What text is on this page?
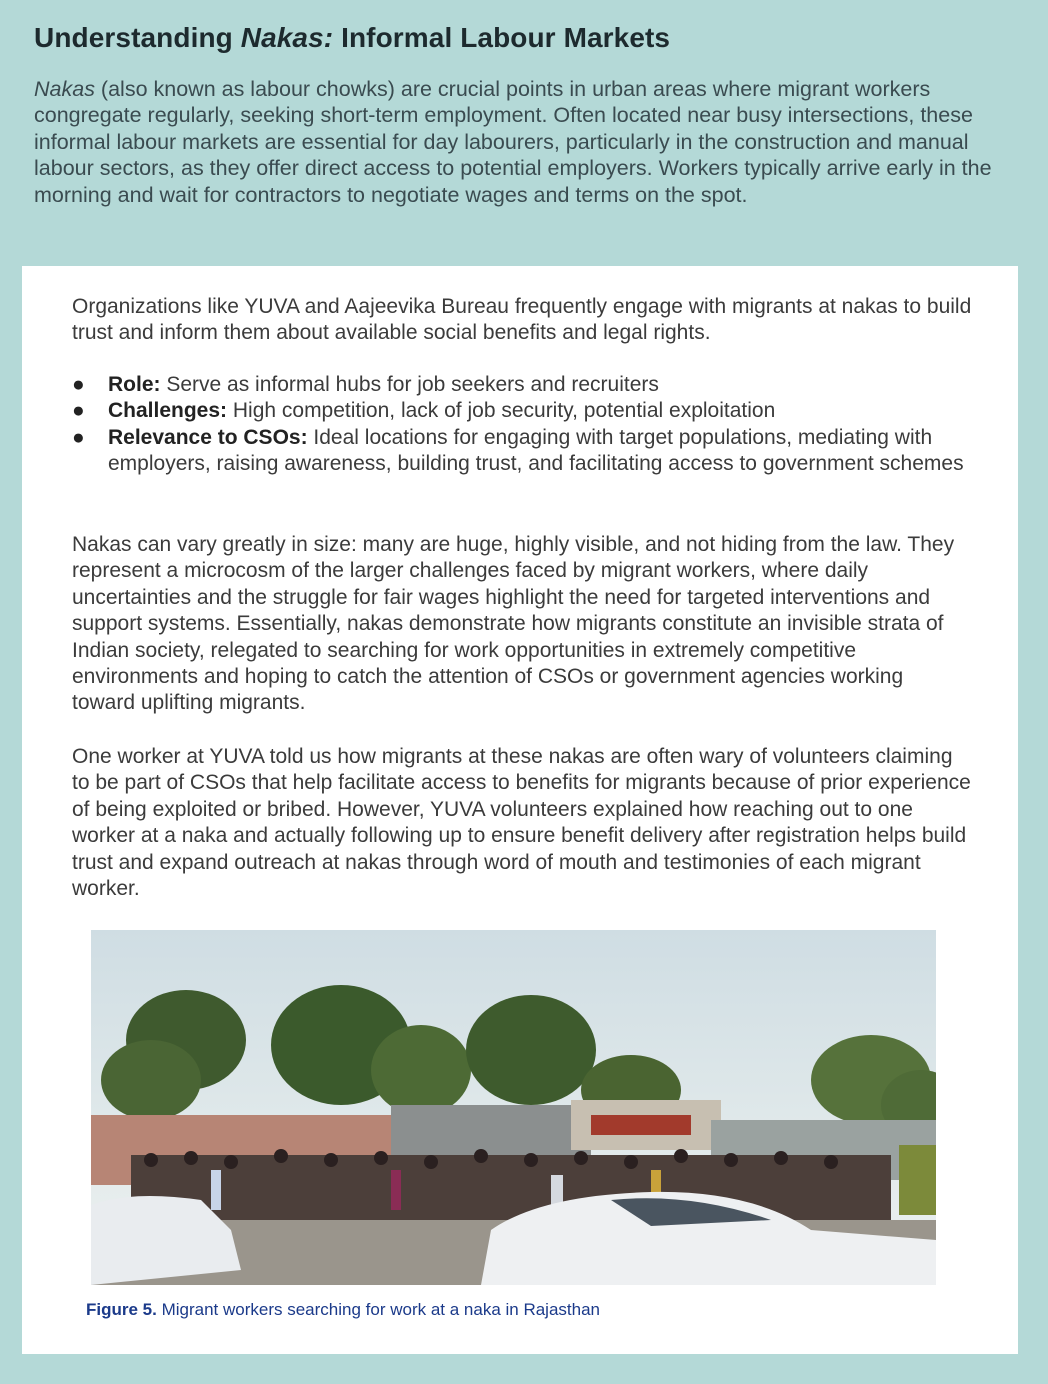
Understanding Nakas: Informal Labour Markets

Nakas (also known as labour chowks) are crucial points in urban areas where migrant workers congregate regularly, seeking short-term employment. Often located near busy intersections, these informal labour markets are essential for day labourers, particularly in the construction and manual labour sectors, as they offer direct access to potential employers. Workers typically arrive early in the morning and wait for contractors to negotiate wages and terms on the spot.

Organizations like YUVA and Aajeevika Bureau frequently engage with migrants at nakas to build trust and inform them about available social benefits and legal rights.

● Role: Serve as informal hubs for job seekers and recruiters
● Challenges: High competition, lack of job security, potential exploitation
● Relevance to CSOs: Ideal locations for engaging with target populations, mediating with employers, raising awareness, building trust, and facilitating access to government schemes

Nakas can vary greatly in size: many are huge, highly visible, and not hiding from the law. They represent a microcosm of the larger challenges faced by migrant workers, where daily uncertainties and the struggle for fair wages highlight the need for targeted interventions and support systems. Essentially, nakas demonstrate how migrants constitute an invisible strata of Indian society, relegated to searching for work opportunities in extremely competitive environments and hoping to catch the attention of CSOs or government agencies working toward uplifting migrants.

One worker at YUVA told us how migrants at these nakas are often wary of volunteers claiming to be part of CSOs that help facilitate access to benefits for migrants because of prior experience of being exploited or bribed. However, YUVA volunteers explained how reaching out to one worker at a naka and actually following up to ensure benefit delivery after registration helps build trust and expand outreach at nakas through word of mouth and testimonies of each migrant worker.

Figure 5. Migrant workers searching for work at a naka in Rajasthan
